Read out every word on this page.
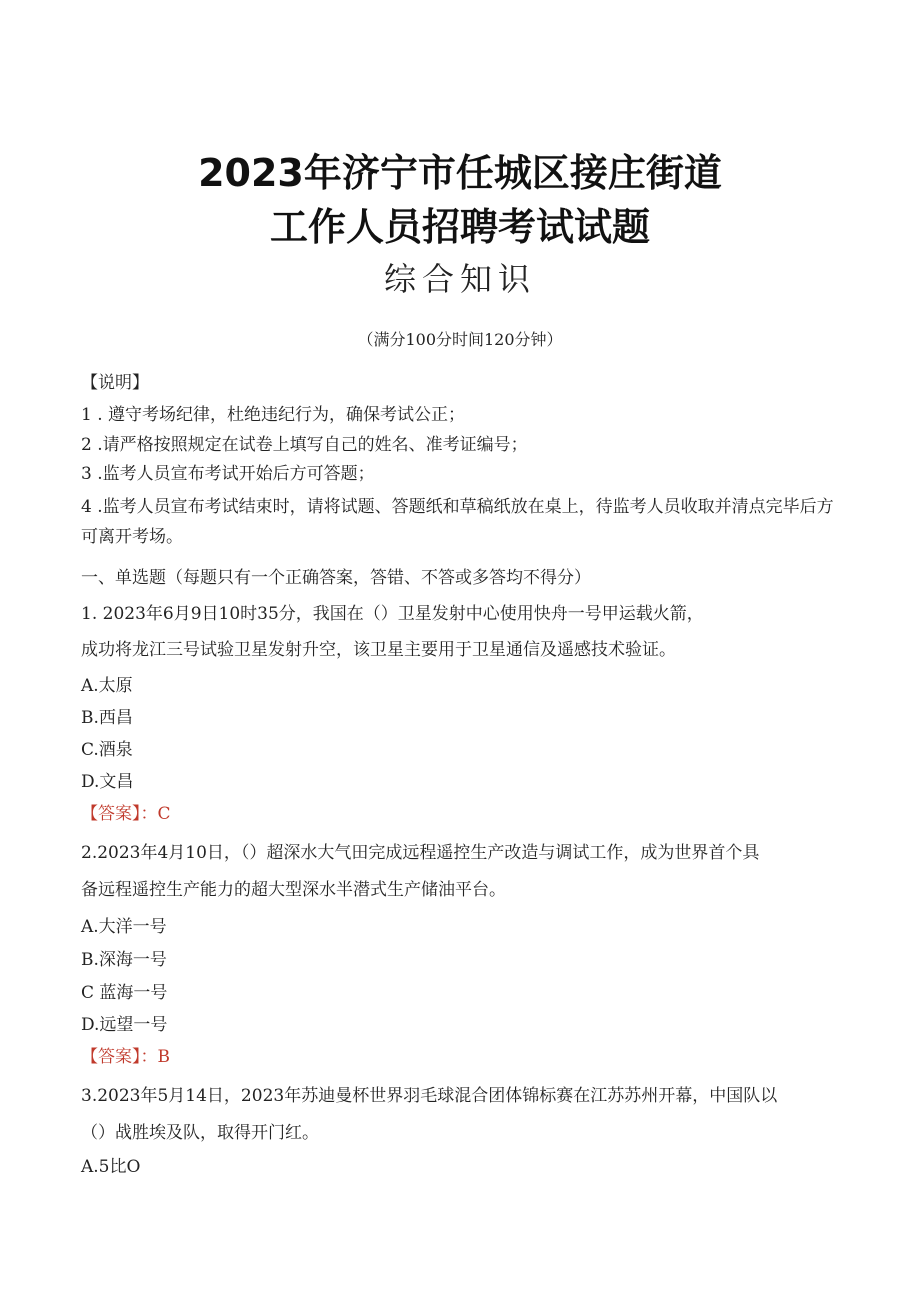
2023年济宁市任城区接庄街道
工作人员招聘考试试题
综合知识
（满分100分时间120分钟）

【说明】

1 . 遵守考场纪律，杜绝违纪行为，确保考试公正；

2 .请严格按照规定在试卷上填写自己的姓名、准考证编号；

3 .监考人员宣布考试开始后方可答题；

4 .监考人员宣布考试结束时，请将试题、答题纸和草稿纸放在桌上，待监考人员收取并清点完毕后方可离开考场。

一、单选题（每题只有一个正确答案，答错、不答或多答均不得分）

1. 2023年6月9日10时35分，我国在（）卫星发射中心使用快舟一号甲运载火箭，

成功将龙江三号试验卫星发射升空，该卫星主要用于卫星通信及遥感技术验证。

A.太原

B.西昌

C.酒泉

D.文昌

【答案】：C

2.2023年4月10日，（）超深水大气田完成远程遥控生产改造与调试工作，成为世界首个具

备远程遥控生产能力的超大型深水半潜式生产储油平台。

A.大洋一号

B.深海一号

C 蓝海一号

D.远望一号

【答案】：B

3.2023年5月14日，2023年苏迪曼杯世界羽毛球混合团体锦标赛在江苏苏州开幕，中国队以

（）战胜埃及队，取得开门红。

A.5比O
